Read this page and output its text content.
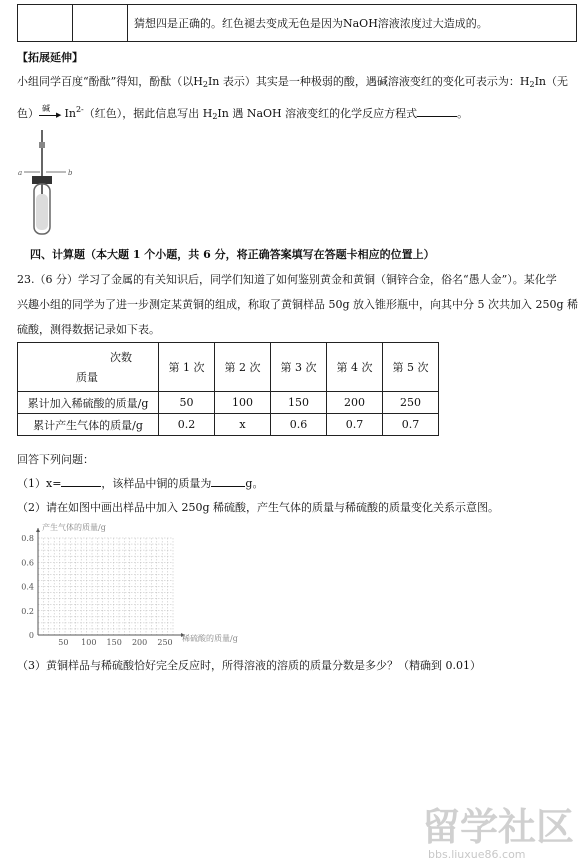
		猜想四是正确的。红色褪去变成无色是因为NaOH溶液浓度过大造成的。
【拓展延伸】
小组同学百度“酚酞”得知，酚酞（以$H_2In$ 表示）其实是一种极弱的酸，遇碱溶液变红的变化可表示为：$H_2In$（无
色） 碱
▶ $In^{2-}$（红色），据此信息写出 $H_2In$ 遇 NaOH 溶液变红的化学反应方程式	。
a	b
四、计算题（本大题 1 个小题，共 6 分，将正确答案填写在答题卡相应的位置上）
23.（6 分）学习了金属的有关知识后，同学们知道了如何鉴别黄金和黄铜（铜锌合金，俗名“愚人金”）。某化学
兴趣小组的同学为了进一步测定某黄铜的组成，称取了黄铜样品 50g 放入锥形瓶中，向其中分 5 次共加入 250g 稀
硫酸，测得数据记录如下表。
次数
质量	第 1 次	第 2 次	第 3 次	第 4 次	第 5 次
累计加入稀硫酸的质量/g	50	100	150	200	250
累计产生气体的质量/g	0.2	x	0.6	0.7	0.7
回答下列问题：
（1）x=	，该样品中铜的质量为	g。
（2）请在如图中画出样品中加入 250g 稀硫酸，产生气体的质量与稀硫酸的质量变化关系示意图。
0.8
0.6
0.4
0.2
0
50 100 150 200 250
产生气体的质量/g
稀硫酸的质量/g
（3）黄铜样品与稀硫酸恰好完全反应时，所得溶液的溶质的质量分数是多少？（精确到 0.01）
留学社区
bbs.liuxue86.com
